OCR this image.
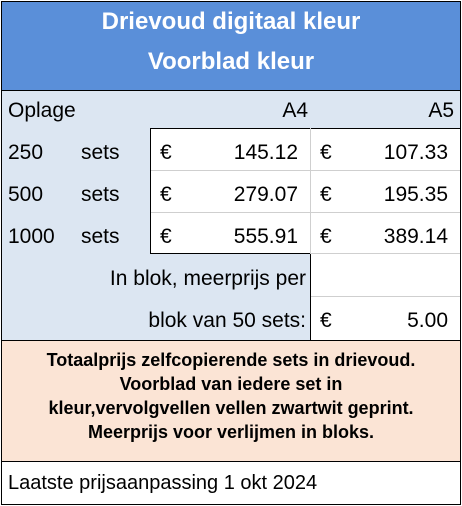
Drievoud digitaal kleur
Voorblad kleur
Oplage	A4	A5
250 sets €	145.12 €	107.33
500 sets €	279.07 €	195.35
1000 sets €	555.91 €	389.14
In blok, meerprijs per
blok van 50 sets: €	5.00
Totaalprijs zelfcopierende sets in drievoud.
Voorblad van iedere set in
kleur,vervolgvellen vellen zwartwit geprint.
Meerprijs voor verlijmen in bloks.
Laatste prijsaanpassing 1 okt 2024
